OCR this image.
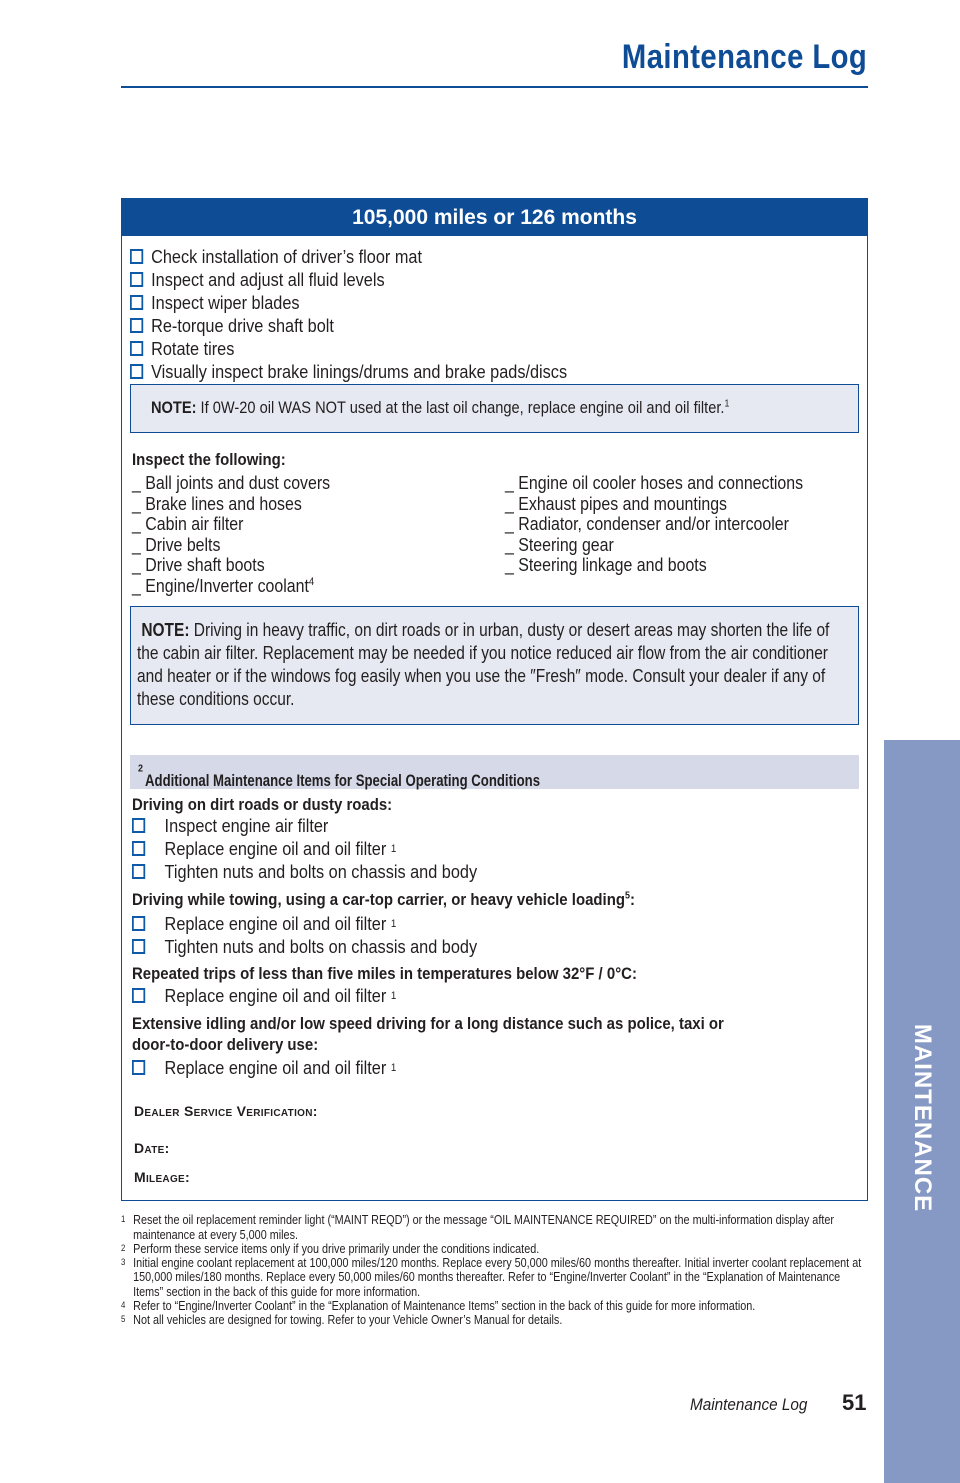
Maintenance Log
MAINTENANCE
105,000 miles or 126 months
Check installation of driver’s floor mat
Inspect and adjust all fluid levels
Inspect wiper blades
Re-torque drive shaft bolt
Rotate tires
Visually inspect brake linings/drums and brake pads/discs
NOTE: If 0W-20 oil WAS NOT used at the last oil change, replace engine oil and oil filter.$^1$
Inspect the following:
_ Ball joints and dust covers
_ Brake lines and hoses
_ Cabin air filter
_ Drive belts
_ Drive shaft boots
_ Engine/Inverter coolant$^4$
_ Engine oil cooler hoses and connections
_ Exhaust pipes and mountings
_ Radiator, condenser and/or intercooler
_ Steering gear
_ Steering linkage and boots
NOTE: Driving in heavy traffic, on dirt roads or in urban, dusty or desert areas may shorten the life of the cabin air filter. Replacement may be needed if you notice reduced air flow from the air conditioner and heater or if the windows fog easily when you use the ″Fresh″ mode. Consult your dealer if any of these conditions occur.
Additional Maintenance Items for Special Operating Conditions
$^2$
Driving on dirt roads or dusty roads:
Inspect engine air filter
Replace engine oil and oil filter
1
Tighten nuts and bolts on chassis and body
Driving while towing, using a car-top carrier, or heavy vehicle loading$^5$:
Replace engine oil and oil filter
1
Tighten nuts and bolts on chassis and body
Repeated trips of less than five miles in temperatures below 32°F / 0°C:
Replace engine oil and oil filter
1
Extensive idling and/or low speed driving for a long distance such as police, taxi or
door-to-door delivery use:
Replace engine oil and oil filter
1
Dealer Service Verification:
Date:
Mileage:
1 Reset the oil replacement reminder light (“MAINT REQD”) or the message “OIL MAINTENANCE REQUIRED” on the multi-information display after maintenance at every 5,000 miles.
2 Perform these service items only if you drive primarily under the conditions indicated.
3 Initial engine coolant replacement at 100,000 miles/120 months. Replace every 50,000 miles/60 months thereafter. Initial inverter coolant replacement at 150,000 miles/180 months. Replace every 50,000 miles/60 months thereafter. Refer to “Engine/Inverter Coolant” in the “Explanation of Maintenance Items” section in the back of this guide for more information.
4 Refer to “Engine/Inverter Coolant” in the “Explanation of Maintenance Items” section in the back of this guide for more information.
5 Not all vehicles are designed for towing. Refer to your Vehicle Owner’s Manual for details.
Maintenance Log 51
